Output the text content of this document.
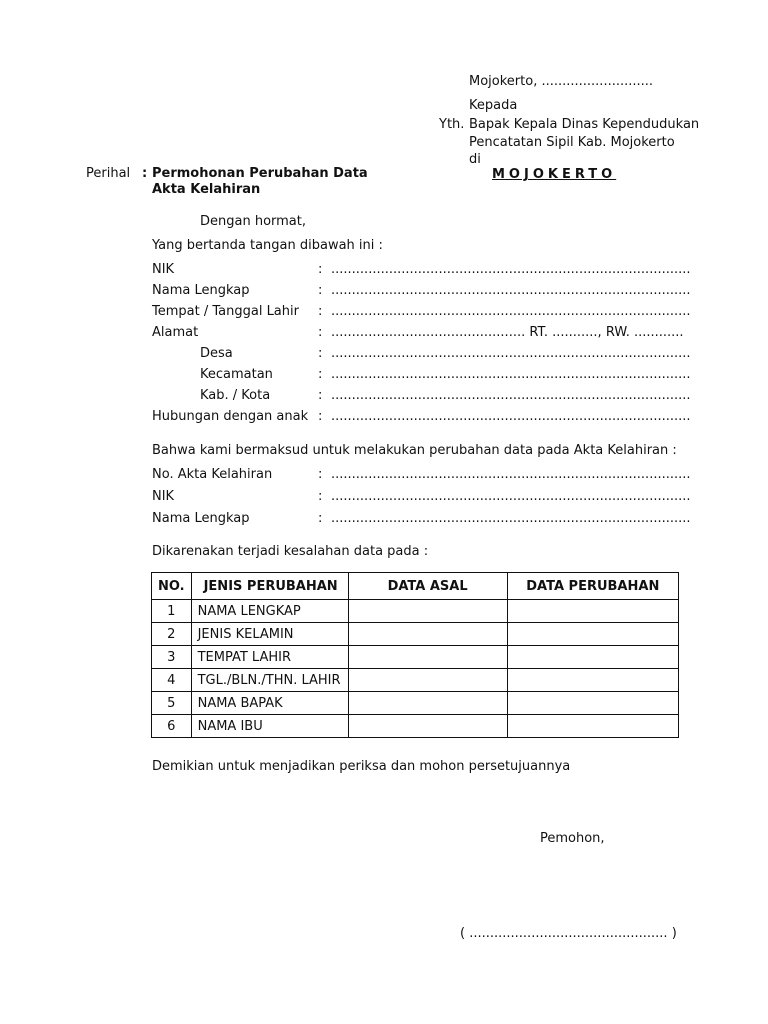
Mojokerto, ...........................
Kepada
Yth. Bapak Kepala Dinas Kependudukan
Pencatatan Sipil Kab. Mojokerto
di
MOJOKERTO
Perihal : Permohonan Perubahan Data
Akta Kelahiran
Dengan hormat,
Yang bertanda tangan dibawah ini :
NIK	: .......................................................................................
Nama Lengkap	: .......................................................................................
Tempat / Tanggal Lahir : .......................................................................................
Alamat	: ............................................... RT. ..........., RW. ............
Desa	: .......................................................................................
Kecamatan	: .......................................................................................
Kab. / Kota	: .......................................................................................
Hubungan dengan anak : .......................................................................................
Bahwa kami bermaksud untuk melakukan perubahan data pada Akta Kelahiran :
No. Akta Kelahiran	: .......................................................................................
NIK	: .......................................................................................
Nama Lengkap	: .......................................................................................
Dikarenakan terjadi kesalahan data pada :
NO.	JENIS PERUBAHAN	DATA ASAL	DATA PERUBAHAN
1	NAMA LENGKAP		
2	JENIS KELAMIN		
3	TEMPAT LAHIR		
4	TGL./BLN./THN. LAHIR		
5	NAMA BAPAK		
6	NAMA IBU		
Demikian untuk menjadikan periksa dan mohon persetujuannya
Pemohon,
( ................................................ )
